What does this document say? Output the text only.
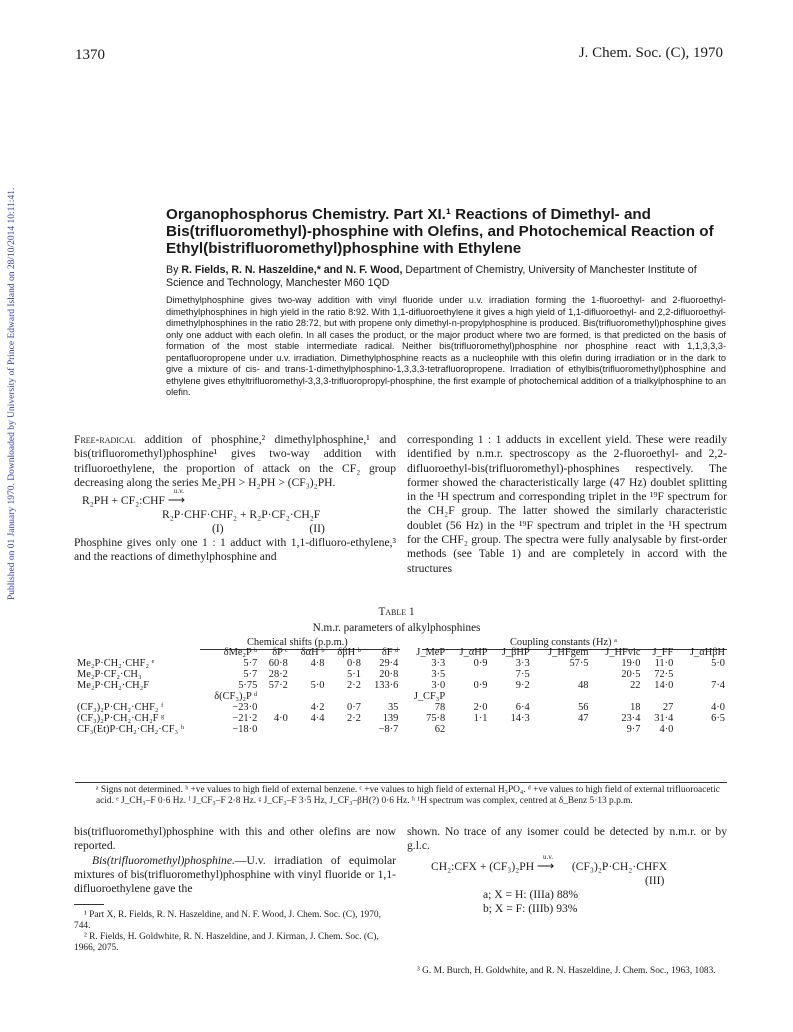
1370	J. Chem. Soc. (C), 1970
Published on 01 January 1970. Downloaded by University of Prince Edward Island on 28/10/2014 10:11:41.	Organophosphorus Chemistry. Part XI.¹ Reactions of Dimethyl- and Bis(trifluoromethyl)-phosphine with Olefins, and Photochemical Reaction of Ethyl(bistrifluoromethyl)phosphine with Ethylene
By R. Fields, R. N. Haszeldine,* and N. F. Wood, Department of Chemistry, University of Manchester Institute of Science and Technology, Manchester M60 1QD
Dimethylphosphine gives two-way addition with vinyl fluoride under u.v. irradiation forming the 1-fluoroethyl- and 2-fluoroethyl-dimethylphosphines in high yield in the ratio 8:92. With 1,1-difluoroethylene it gives a high yield of 1,1-difluoroethyl- and 2,2-difluoroethyl-dimethylphosphines in the ratio 28:72, but with propene only dimethyl-n-propylphosphine is produced. Bis(trifluoromethyl)phosphine gives only one adduct with each olefin. In all cases the product, or the major product where two are formed, is that predicted on the basis of formation of the most stable intermediate radical. Neither bis(trifluoromethyl)phosphine nor phosphine react with 1,1,3,3,3-pentafluoropropene under u.v. irradiation. Dimethylphosphine reacts as a nucleophile with this olefin during irradiation or in the dark to give a mixture of cis- and trans-1-dimethylphosphino-1,3,3,3-tetrafluoropropene. Irradiation of ethylbis(trifluoromethyl)phosphine and ethylene gives ethyltrifluoromethyl-3,3,3-trifluoropropyl-phosphine, the first example of photochemical addition of a trialkylphosphine to an olefin.
Free-radical addition of phosphine,² dimethylphosphine,¹ and bis(trifluoromethyl)phosphine¹ gives two-way addition with trifluoroethylene, the proportion of attack on the CF₂ group decreasing along the series Me₂PH > H₂PH > (CF₃)₂PH.
R₂PH + CF₂:CHF
u.v.
⟶
R₂P·CHF·CHF₂ + R₂P·CF₂·CH₂F
(I)	(II)
Phosphine gives only one 1 : 1 adduct with 1,1-difluoro-ethylene,³ and the reactions of dimethylphosphine and
corresponding 1 : 1 adducts in excellent yield. These were readily identified by n.m.r. spectroscopy as the 2-fluoroethyl- and 2,2-difluoroethyl-bis(trifluoromethyl)-phosphines respectively. The former showed the characteristically large (47 Hz) doublet splitting in the ¹H spectrum and corresponding triplet in the ¹⁹F spectrum for the CH₂F group. The latter showed the similarly characteristic doublet (56 Hz) in the ¹⁹F spectrum and triplet in the ¹H spectrum for the CHF₂ group. The spectra were fully analysable by first-order methods (see Table 1) and are completely in accord with the structures
Table 1
N.m.r. parameters of alkylphosphines
Chemical shifts (p.p.m.)	Coupling constants (Hz) ᵃ
	δMe₂P ᵇ	δP ᶜ	δαH ᵇ	δβH ᵇ	δF ᵈ	J_MeP	J_αHP	J_βHP	J_HFgem	J_HFvic	J_FF	J_αHβH
Me₂P·CH₂·CHF₂ ᵉ	5·7	60·8	4·8	0·8	29·4	3·3	0·9	3·3	57·5	19·0	11·0	5·0
Me₂P·CF₂·CH₃	5·7	28·2		5·1	20·8	3·5		7·5		20·5	72·5	
Me₂P·CH₂·CH₂F	5·75	57·2	5·0	2·2	133·6	3·0	0·9	9·2	48	22	14·0	7·4
	δ(CF₃)₂P ᵈ					J_CF₃P						
(CF₃)₂P·CH₂·CHF₂ ᶠ	−23·0		4·2	0·7	35	78	2·0	6·4	56	18	27	4·0
(CF₃)₂P·CH₂·CH₂F ᵍ	−21·2	4·0	4·4	2·2	139	75·8	1·1	14·3	47	23·4	31·4	6·5
CF₃(Et)P·CH₂·CH₂·CF₃ ʰ	−18·0				−8·7	62				9·7	4·0	
ᵃ Signs not determined. ᵇ +ve values to high field of external benzene. ᶜ +ve values to high field of external H₃PO₄. ᵈ +ve values to high field of external trifluoroacetic acid. ᵉ J_CH₃–F 0·6 Hz. ᶠ J_CF₃–F 2·8 Hz. ᵍ J_CF₃–F 3·5 Hz, J_CF₃–βH(?) 0·6 Hz. ʰ ¹H spectrum was complex, centred at δ_Benz 5·13 p.p.m.
bis(trifluoromethyl)phosphine with this and other olefins are now reported.
Bis(trifluoromethyl)phosphine.—U.v. irradiation of equimolar mixtures of bis(trifluoromethyl)phosphine with vinyl fluoride or 1,1-difluoroethylene gave the
¹ Part X, R. Fields, R. N. Haszeldine, and N. F. Wood, J. Chem. Soc. (C), 1970, 744.
² R. Fields, H. Goldwhite, R. N. Haszeldine, and J. Kirman, J. Chem. Soc. (C), 1966, 2075.
shown. No trace of any isomer could be detected by n.m.r. or by g.l.c.
CH₂:CFX + (CF₃)₂PH
u.v.
⟶ (CF₃)₂P·CH₂·CHFX
(III)
a; X = H: (IIIa) 88%
b; X = F: (IIIb) 93%
³ G. M. Burch, H. Goldwhite, and R. N. Haszeldine, J. Chem. Soc., 1963, 1083.
